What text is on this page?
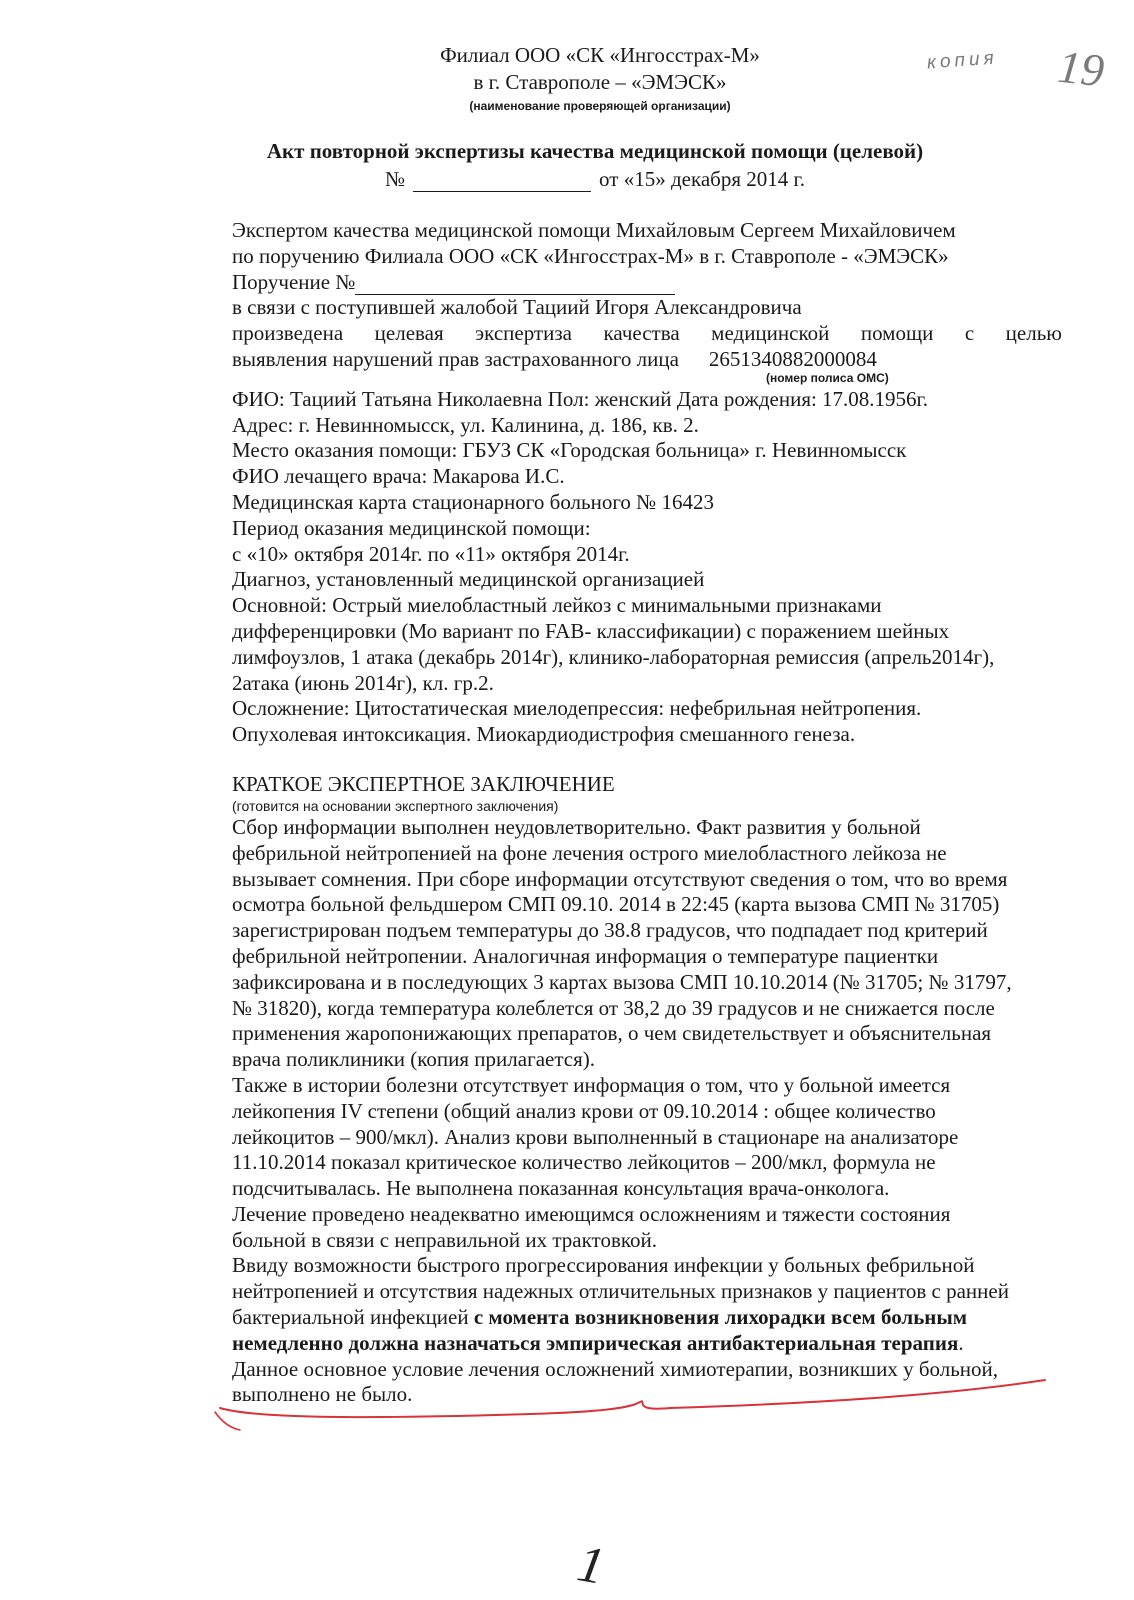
Филиал ООО «СК «Ингосстрах-М»
в г. Ставрополе – «ЭМЭСК»
(наименование проверяющей организации)
копия 19
Акт повторной экспертизы качества медицинской помощи (целевой)
№	от «15» декабря 2014 г.
Экспертом качества медицинской помощи Михайловым Сергеем Михайловичем
по поручению Филиала ООО «СК «Ингосстрах-М» в г. Ставрополе - «ЭМЭСК»
Поручение №
в связи с поступившей жалобой Тациий Игоря Александровича
произведена целевая экспертиза качества медицинской помощи с целью
выявления нарушений прав застрахованного лица 2651340882000084
(номер полиса ОМС)
ФИО: Тациий Татьяна Николаевна Пол: женский Дата рождения: 17.08.1956г.
Адрес: г. Невинномысск, ул. Калинина, д. 186, кв. 2.
Место оказания помощи: ГБУЗ СК «Городская больница» г. Невинномысск
ФИО лечащего врача: Макарова И.С.
Медицинская карта стационарного больного № 16423
Период оказания медицинской помощи:
с «10» октября 2014г. по «11» октября 2014г.
Диагноз, установленный медицинской организацией
Основной: Острый миелобластный лейкоз с минимальными признаками
дифференцировки (Мо вариант по FAB- классификации) с поражением шейных
лимфоузлов, 1 атака (декабрь 2014г), клинико-лабораторная ремиссия (апрель2014г),
2атака (июнь 2014г), кл. гр.2.
Осложнение: Цитостатическая миелодепрессия: нефебрильная нейтропения.
Опухолевая интоксикация. Миокардиодистрофия смешанного генеза.
КРАТКОЕ ЭКСПЕРТНОЕ ЗАКЛЮЧЕНИЕ
(готовится на основании экспертного заключения)
Сбор информации выполнен неудовлетворительно. Факт развития у больной
фебрильной нейтропенией на фоне лечения острого миелобластного лейкоза не
вызывает сомнения. При сборе информации отсутствуют сведения о том, что во время
осмотра больной фельдшером СМП 09.10. 2014 в 22:45 (карта вызова СМП № 31705)
зарегистрирован подъем температуры до 38.8 градусов, что подпадает под критерий
фебрильной нейтропении. Аналогичная информация о температуре пациентки
зафиксирована и в последующих 3 картах вызова СМП 10.10.2014 (№ 31705; № 31797,
№ 31820), когда температура колеблется от 38,2 до 39 градусов и не снижается после
применения жаропонижающих препаратов, о чем свидетельствует и объяснительная
врача поликлиники (копия прилагается).
Также в истории болезни отсутствует информация о том, что у больной имеется
лейкопения IV степени (общий анализ крови от 09.10.2014 : общее количество
лейкоцитов – 900/мкл). Анализ крови выполненный в стационаре на анализаторе
11.10.2014 показал критическое количество лейкоцитов – 200/мкл, формула не
подсчитывалась. Не выполнена показанная консультация врача-онколога.
Лечение проведено неадекватно имеющимся осложнениям и тяжести состояния
больной в связи с неправильной их трактовкой.
Ввиду возможности быстрого прогрессирования инфекции у больных фебрильной
нейтропенией и отсутствия надежных отличительных признаков у пациентов с ранней
бактериальной инфекцией с момента возникновения лихорадки всем больным
немедленно должна назначаться эмпирическая антибактериальная терапия.
Данное основное условие лечения осложнений химиотерапии, возникших у больной,
выполнено не было.
1
